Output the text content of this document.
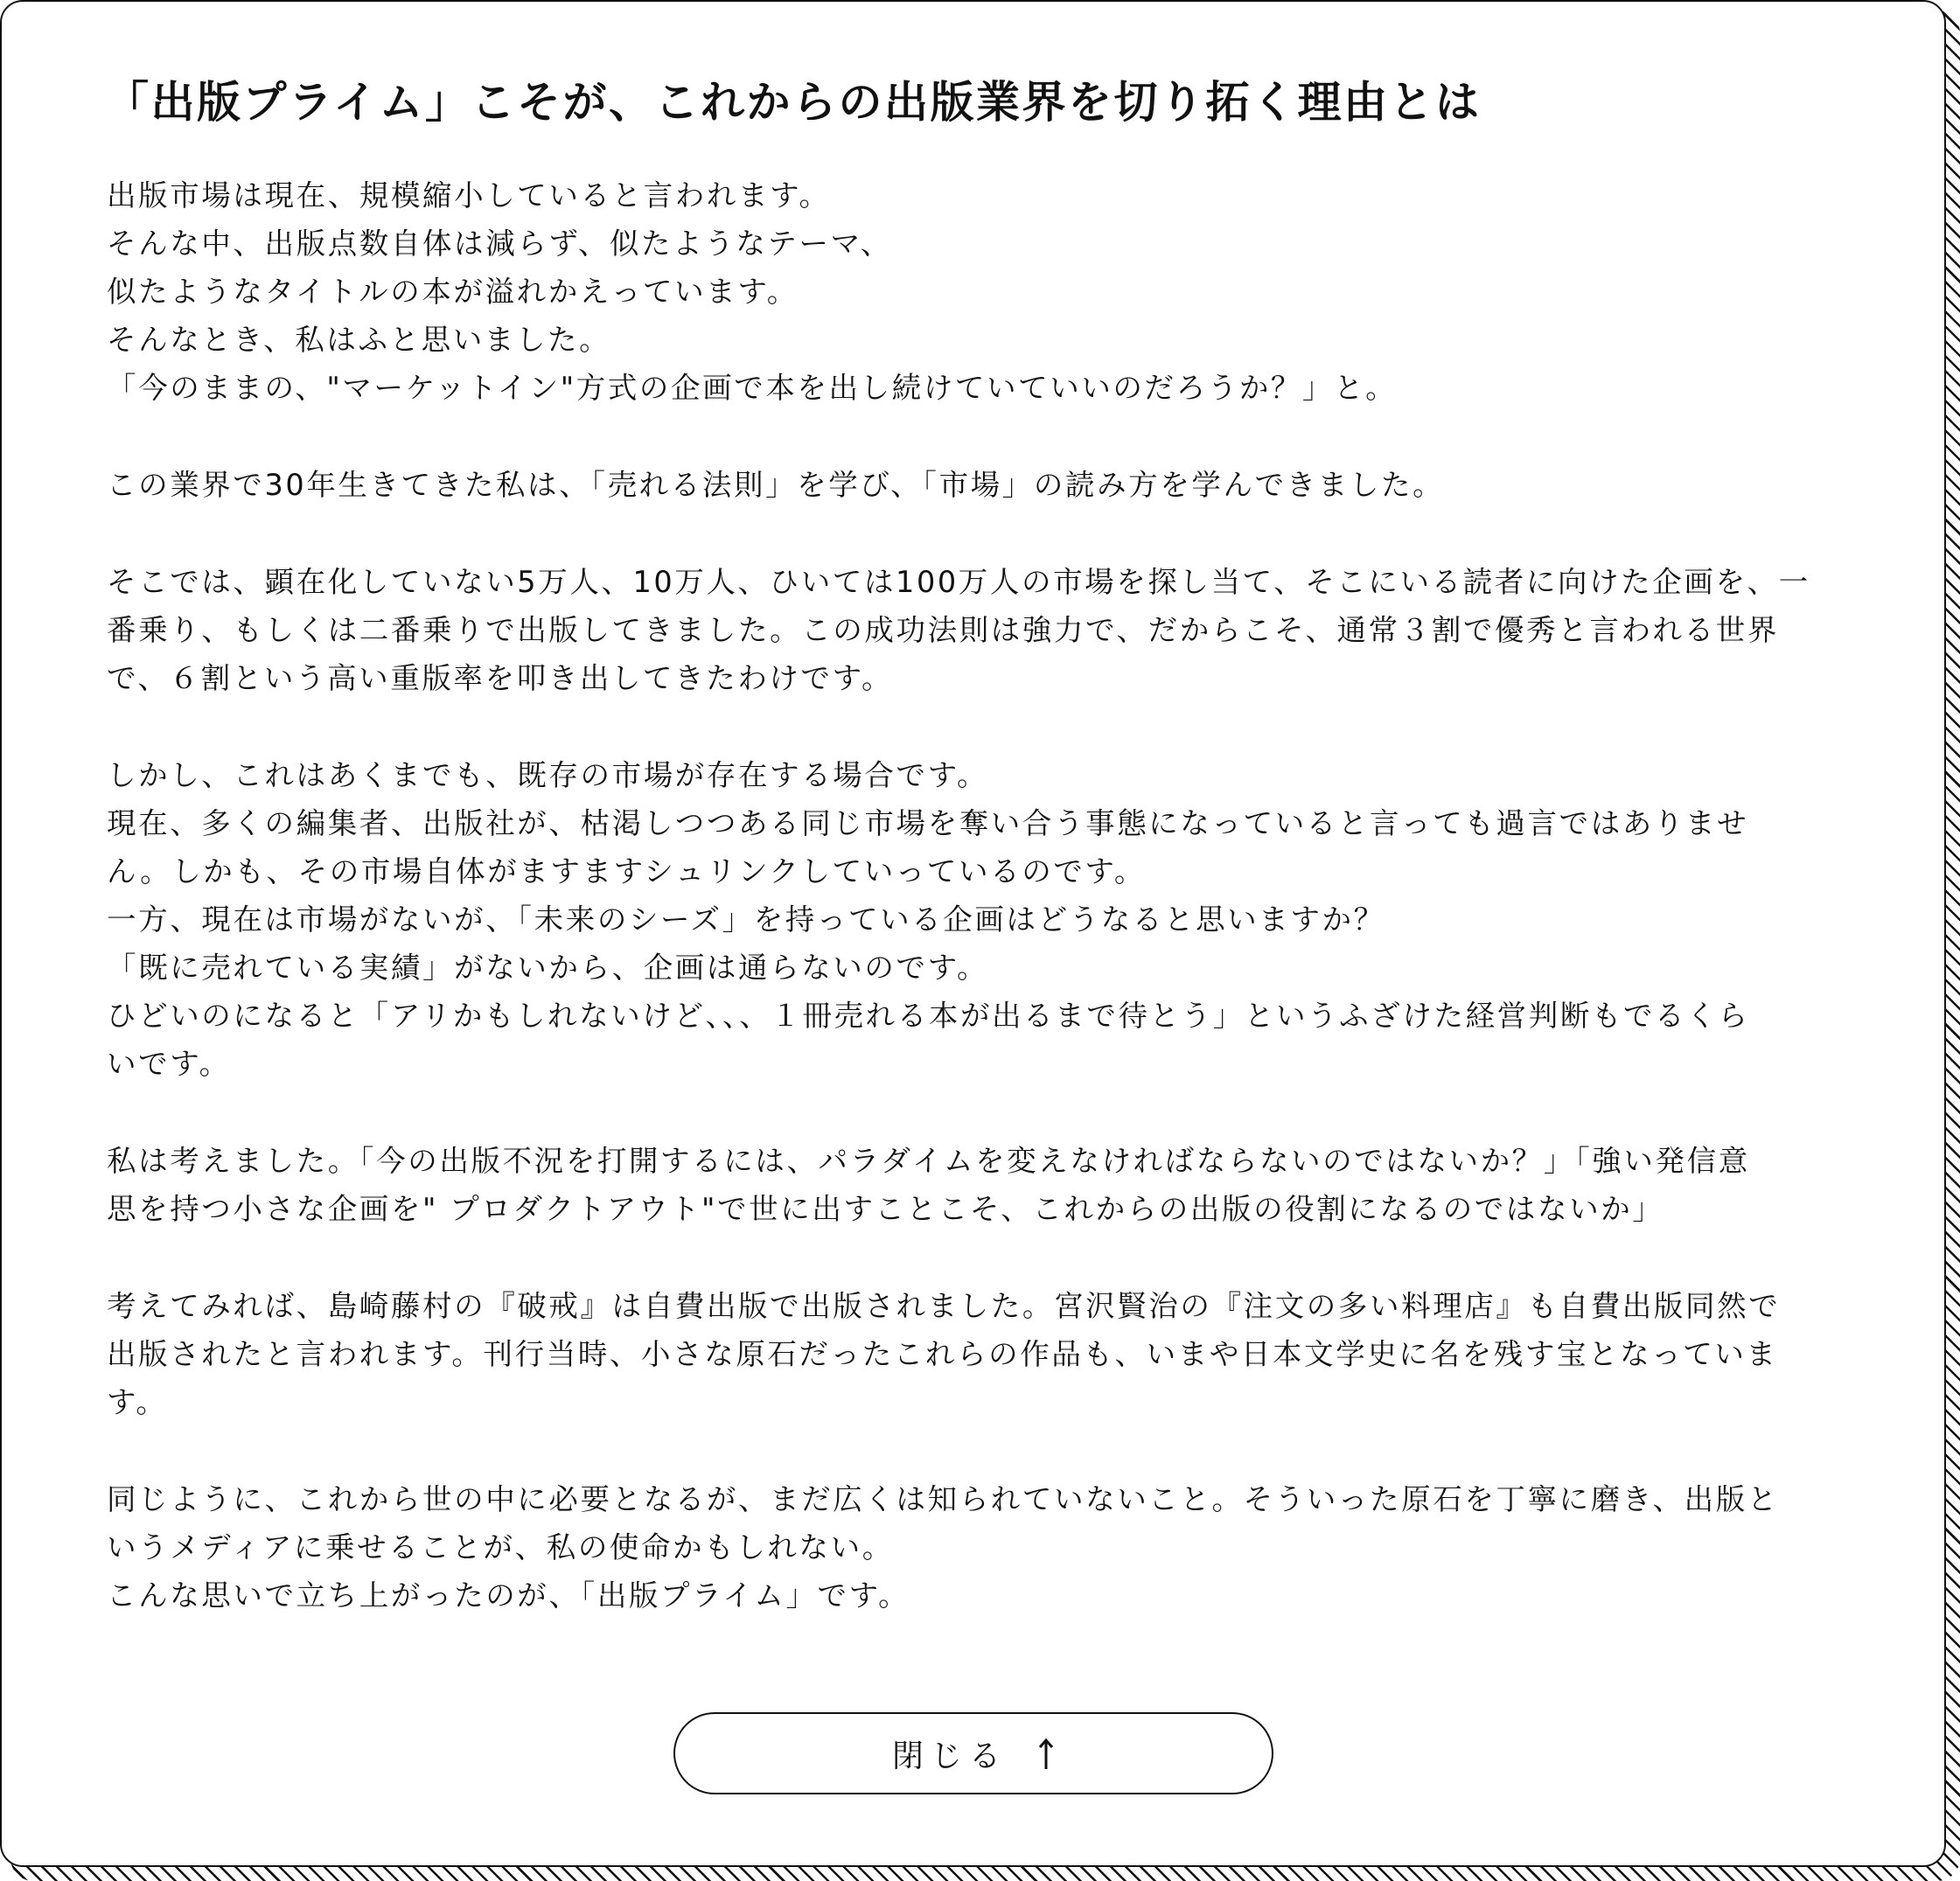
「出版プライム」こそが、これからの出版業界を切り拓く理由とは

出版市場は現在、規模縮小していると言われます。
そんな中、出版点数自体は減らず、似たようなテーマ、
似たようなタイトルの本が溢れかえっています。
そんなとき、私はふと思いました。
「今のままの、"マーケットイン"方式の企画で本を出し続けていていいのだろうか？」と。

この業界で30年生きてきた私は、「売れる法則」を学び、「市場」の読み方を学んできました。

そこでは、顕在化していない5万人、10万人、ひいては100万人の市場を探し当て、そこにいる読者に向けた企画を、一
番乗り、もしくは二番乗りで出版してきました。この成功法則は強力で、だからこそ、通常３割で優秀と言われる世界
で、６割という高い重版率を叩き出してきたわけです。

しかし、これはあくまでも、既存の市場が存在する場合です。
現在、多くの編集者、出版社が、枯渇しつつある同じ市場を奪い合う事態になっていると言っても過言ではありませ
ん。しかも、その市場自体がますますシュリンクしていっているのです。
一方、現在は市場がないが、「未来のシーズ」を持っている企画はどうなると思いますか？
「既に売れている実績」がないから、企画は通らないのです。
ひどいのになると「アリかもしれないけど、、、１冊売れる本が出るまで待とう」というふざけた経営判断もでるくら
いです。

私は考えました。「今の出版不況を打開するには、パラダイムを変えなければならないのではないか？」「強い発信意
思を持つ小さな企画を" プロダクトアウト"で世に出すことこそ、これからの出版の役割になるのではないか」

考えてみれば、島崎藤村の『破戒』は自費出版で出版されました。宮沢賢治の『注文の多い料理店』も自費出版同然で
出版されたと言われます。刊行当時、小さな原石だったこれらの作品も、いまや日本文学史に名を残す宝となっていま
す。

同じように、これから世の中に必要となるが、まだ広くは知られていないこと。そういった原石を丁寧に磨き、出版と
いうメディアに乗せることが、私の使命かもしれない。
こんな思いで立ち上がったのが、「出版プライム」です。

閉じる
